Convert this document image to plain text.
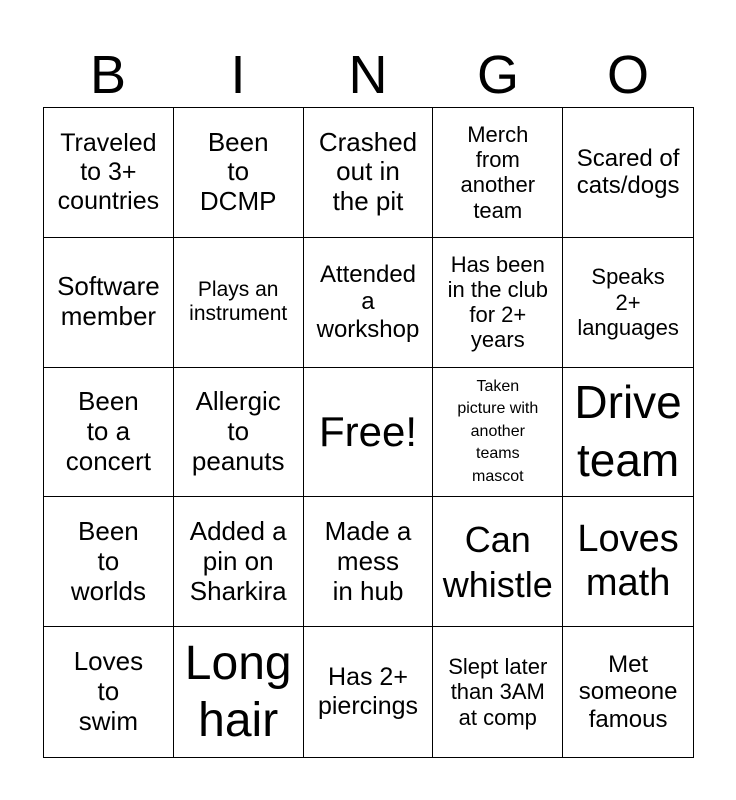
B	I	N	G	O
Traveled
to 3+
countries
Been
to
DCMP
Crashed
out in
the pit
Merch
from
another
team
Scared of
cats/dogs
Software
member
Plays an
instrument
Attended
a
workshop
Has been
in the club
for 2+
years
Speaks
2+
languages
Been
to a
concert
Allergic
to
peanuts
Free!
Taken
picture with
another
teams
mascot
Drive
team
Been
to
worlds
Added a
pin on
Sharkira
Made a
mess
in hub
Can
whistle
Loves
math
Loves
to
swim
Long
hair
Has 2+
piercings
Slept later
than 3AM
at comp
Met
someone
famous
